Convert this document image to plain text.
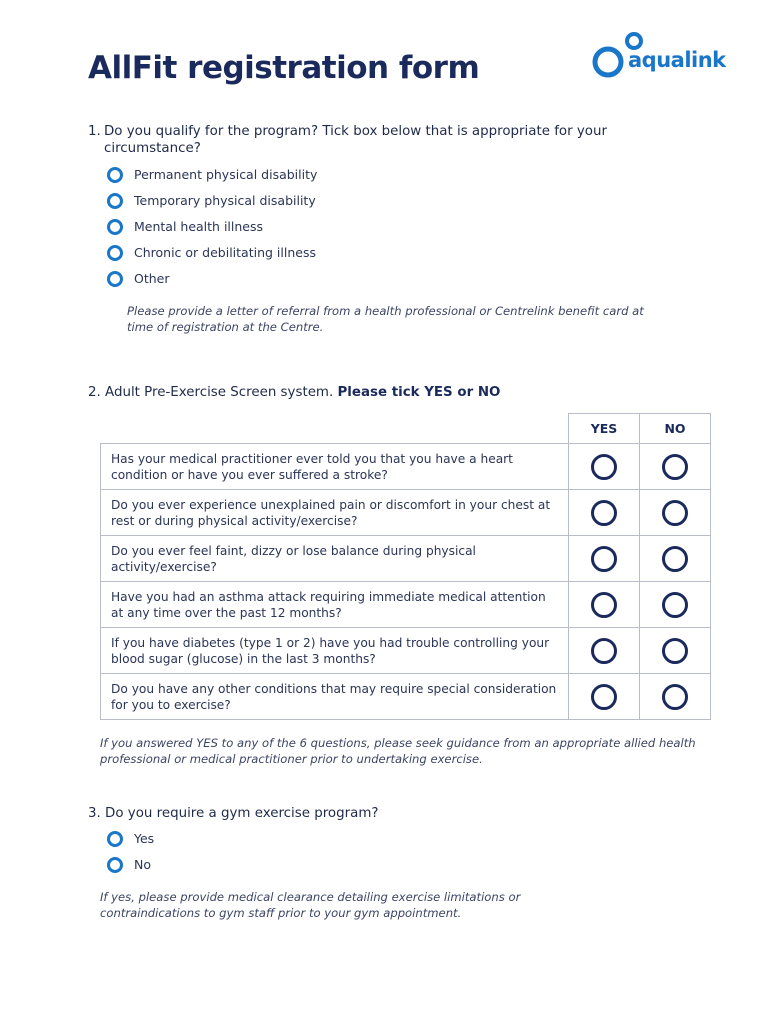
AllFit registration form	aqualink
1. Do you qualify for the program? Tick box below that is appropriate for your circumstance?
Permanent physical disability
Temporary physical disability
Mental health illness
Chronic or debilitating illness
Other
Please provide a letter of referral from a health professional or Centrelink benefit card at time of registration at the Centre.
2. Adult Pre-Exercise Screen system. Please tick YES or NO
	YES	NO
Has your medical practitioner ever told you that you have a heart condition or have you ever suffered a stroke?		
Do you ever experience unexplained pain or discomfort in your chest at rest or during physical activity/exercise?		
Do you ever feel faint, dizzy or lose balance during physical activity/exercise?		
Have you had an asthma attack requiring immediate medical attention at any time over the past 12 months?		
If you have diabetes (type 1 or 2) have you had trouble controlling your blood sugar (glucose) in the last 3 months?		
Do you have any other conditions that may require special consideration for you to exercise?		
If you answered YES to any of the 6 questions, please seek guidance from an appropriate allied health professional or medical practitioner prior to undertaking exercise.
3. Do you require a gym exercise program?
Yes
No
If yes, please provide medical clearance detailing exercise limitations or contraindications to gym staff prior to your gym appointment.
